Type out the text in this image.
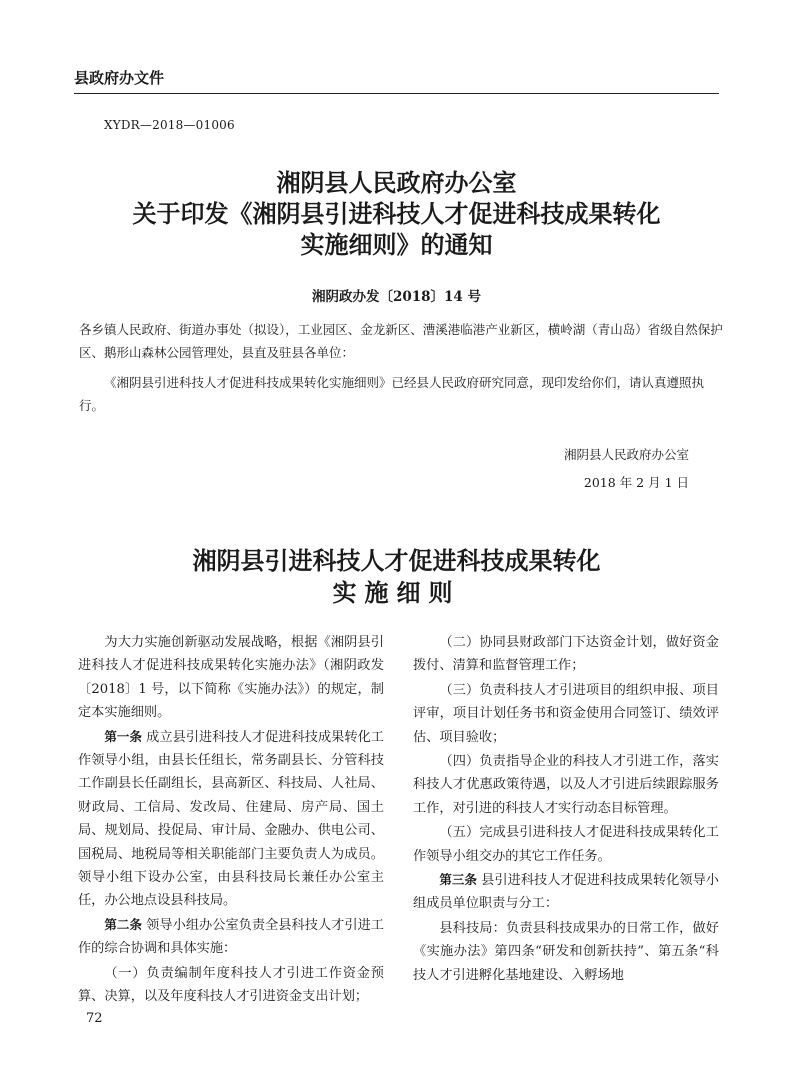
县政府办文件
XYDR—2018—01006
湘阴县人民政府办公室
关于印发《湘阴县引进科技人才促进科技成果转化
实施细则》的通知
湘阴政办发〔2018〕14 号
各乡镇人民政府、街道办事处（拟设），工业园区、金龙新区、漕溪港临港产业新区，横岭湖（青山岛）省级自然保护区、鹅形山森林公园管理处，县直及驻县各单位：
《湘阴县引进科技人才促进科技成果转化实施细则》已经县人民政府研究同意，现印发给你们，请认真遵照执行。
湘阴县人民政府办公室
2018 年 2 月 1 日
湘阴县引进科技人才促进科技成果转化
实施细则

为大力实施创新驱动发展战略，根据《湘阴县引进科技人才促进科技成果转化实施办法》（湘阴政发〔2018〕1 号，以下简称《实施办法》）的规定，制定本实施细则。

第一条 成立县引进科技人才促进科技成果转化工作领导小组，由县长任组长，常务副县长、分管科技工作副县长任副组长，县高新区、科技局、人社局、财政局、工信局、发改局、住建局、房产局、国土局、规划局、投促局、审计局、金融办、供电公司、国税局、地税局等相关职能部门主要负责人为成员。领导小组下设办公室，由县科技局长兼任办公室主任，办公地点设县科技局。

第二条 领导小组办公室负责全县科技人才引进工作的综合协调和具体实施：

（一）负责编制年度科技人才引进工作资金预算、决算，以及年度科技人才引进资金支出计划；

（二）协同县财政部门下达资金计划，做好资金拨付、清算和监督管理工作；

（三）负责科技人才引进项目的组织申报、项目评审，项目计划任务书和资金使用合同签订、绩效评估、项目验收；

（四）负责指导企业的科技人才引进工作，落实科技人才优惠政策待遇，以及人才引进后续跟踪服务工作，对引进的科技人才实行动态目标管理。

（五）完成县引进科技人才促进科技成果转化工作领导小组交办的其它工作任务。

第三条 县引进科技人才促进科技成果转化领导小组成员单位职责与分工：

县科技局：负责县科技成果办的日常工作，做好《实施办法》第四条“研发和创新扶持”、第五条“科技人才引进孵化基地建设、入孵场地

72
